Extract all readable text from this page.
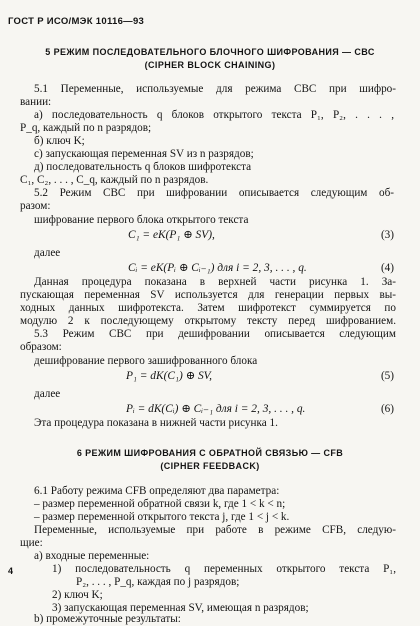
ГОСТ Р ИСО/МЭК 10116—93
5 РЕЖИМ ПОСЛЕДОВАТЕЛЬНОГО БЛОЧНОГО ШИФРОВАНИЯ — СВС
(CIPHER BLOCK CHAINING)
5.1 Переменные, используемые для режима СВС при шифро-
вании:
а) последовательность q блоков открытого текста P₁, P₂, . . . ,
P_q, каждый по n разрядов;
б) ключ K;
с) запускающая переменная SV из n разрядов;
д) последовательность q блоков шифротекста
C₁, C₂, . . . , C_q, каждый по n разрядов.
5.2 Режим СВС при шифровании описывается следующим об-
разом:
шифрование первого блока открытого текста
C₁ = eK(P₁ ⊕ SV),	(3)
далее
Cᵢ = eK(Pᵢ ⊕ Cᵢ₋₁) для i = 2, 3, . . . , q.	(4)
Данная процедура показана в верхней части рисунка 1. За-
пускающая переменная SV используется для генерации первых вы-
ходных данных шифротекста. Затем шифротекст суммируется по
модулю 2 к последующему открытому тексту перед шифрованием.
5.3 Режим СВС при дешифровании описывается следующим
образом:
дешифрование первого зашифрованного блока
P₁ = dK(C₁) ⊕ SV,	(5)
далее
Pᵢ = dK(Cᵢ) ⊕ Cᵢ₋₁ для i = 2, 3, . . . , q.	(6)
Эта процедура показана в нижней части рисунка 1.
6 РЕЖИМ ШИФРОВАНИЯ С ОБРАТНОЙ СВЯЗЬЮ — CFB
(CIPHER FEEDBACK)
6.1 Работу режима CFB определяют два параметра:
– размер переменной обратной связи k, где 1 < k < n;
– размер переменной открытого текста j, где 1 < j < k.
Переменные, используемые при работе в режиме CFB, следую-
щие:
а) входные переменные:
1) последовательность q переменных открытого текста P₁,
P₂, . . . , P_q, каждая по j разрядов;
2) ключ K;
3) запускающая переменная SV, имеющая n разрядов;
b) промежуточные результаты:
4
